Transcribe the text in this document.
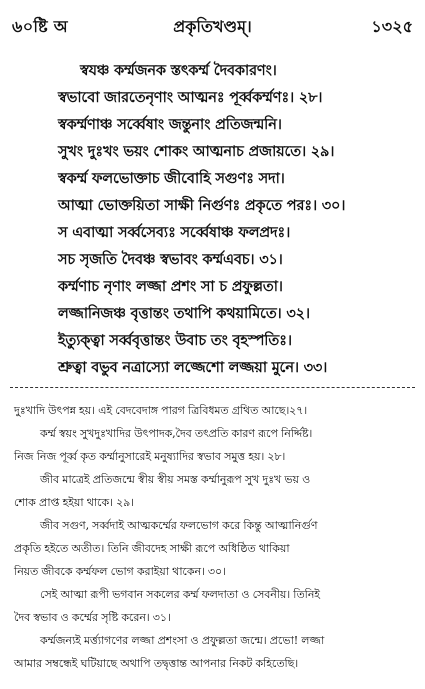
৬০ষ্টি অ	প্রকৃতিখণ্ডম্।	১৩২৫
স্বযঞ্চ কর্ম্মজনক স্তৎকর্ম্ম দৈবকারণং।
স্বভাবো জারতেনৃণাং আত্মনঃ পূর্ব্বকর্ম্মণঃ। ২৮।
স্বকর্ম্মণাঞ্চ সর্ব্বেষাং জন্তুনাং প্রতিজন্মনি।
সুখং দুঃখং ভয়ং শোকং আত্মনাচ প্রজায়তে। ২৯।
স্বকর্ম্ম ফলভোক্তাচ জীবোহি সগুণঃ সদা।
আত্মা ভোক্তয়িতা সাক্ষী নির্গুণঃ প্রকৃতে পরঃ। ৩০।
স এবাত্মা সর্ব্বসেব্যঃ সর্ব্বেষাঞ্চ ফলপ্রদঃ।
সচ সৃজতি দৈবঞ্চ স্বভাবং কর্ম্মএবচ। ৩১।
কর্ম্মণাচ নৃণাং লজ্জা প্রশং সা চ প্রফুল্লতা।
লজ্জানিজঞ্চ বৃত্তান্তং তথাপি কথয়ামিতে। ৩২।
ইত্যুক্ত্বা সর্ব্ববৃত্তান্তং উবাচ তং বৃহস্পতিঃ।
শ্রুত্বা বভুব নত্রাস্যো লজ্জেশো লজ্জয়া মুনে। ৩৩।
দুঃখাদি উৎপন্ন হয়। এই বেদবেদাঙ্গ পারগ ত্রিবিধমত গ্রথিত আছে।২৭।
কর্ম্ম স্বয়ং সুখদুঃখাদির উৎপাদক,দৈব তৎপ্রতি কারণ রূপে নির্দ্দিষ্ট।
নিজ নিজ পূর্ব্ব কৃত কর্ম্মানুসারেই মনুষ্যাদির স্বভাব সমুত্ত হয়। ২৮।
জীব মাত্রেই প্রতিজন্মে স্বীয় স্বীয় সমস্ত কর্ম্মানুরূপ সুখ দুঃখ ভয় ও
শোক প্রাপ্ত হইয়া থাকে। ২৯।
জীব সগুণ, সর্ব্বদাই আত্মকর্ম্মের ফলভোগ করে কিন্তু আত্মানির্গুণ
প্রকৃতি হইতে অতীত। তিনি জীবদেহ সাক্ষী রূপে অধিষ্ঠিত থাকিয়া
নিয়ত জীবকে কর্ম্মফল ভোগ করাইয়া থাকেন। ৩০।
সেই আত্মা রূপী ভগবান সকলের কর্ম্ম ফলদাতা ও সেবনীয়। তিনিই
দৈব স্বভাব ও কর্ম্মের সৃষ্টি করেন। ৩১।
কর্ম্মজন্যই মর্ত্ত্যাগণের লজ্জা প্রশংসা ও প্রফুল্লতা জন্মে। প্রভো! লজ্জা
আমার সম্বন্ধেই ঘটিয়াছে অথাপি তদ্বৃত্তান্ত আপনার নিকট কহিতেছি।
